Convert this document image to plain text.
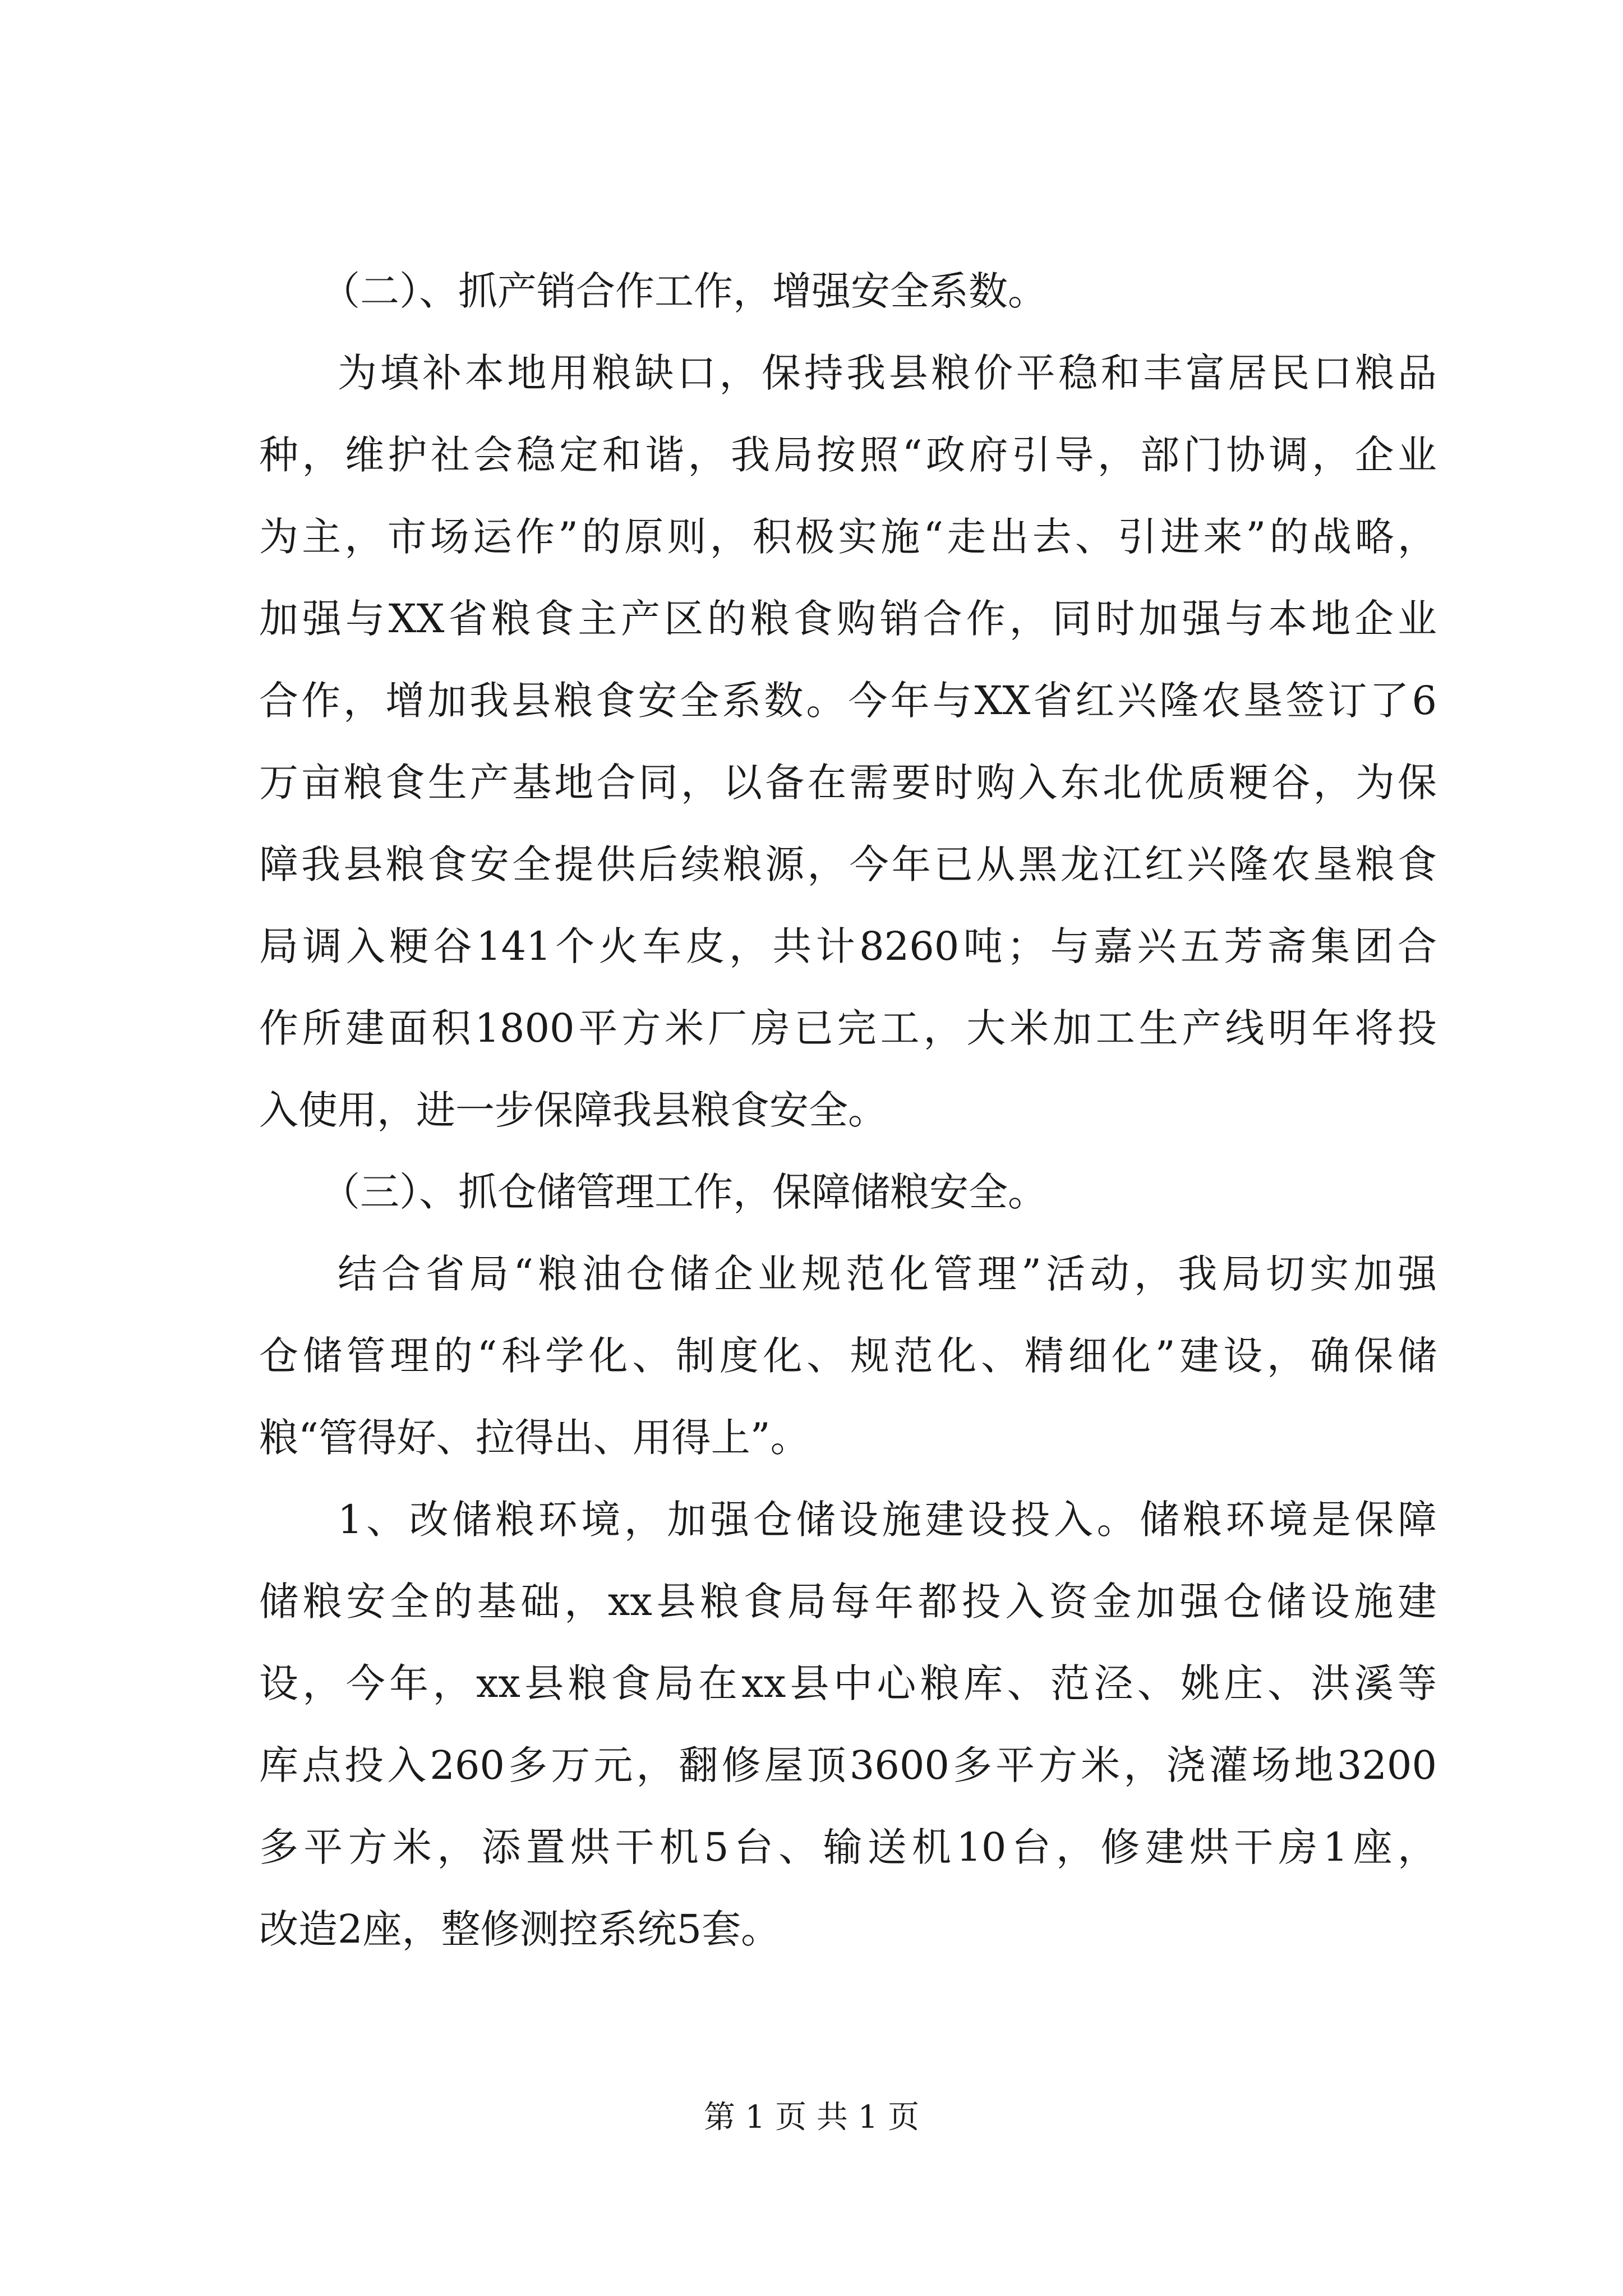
（二）、抓产销合作工作，增强安全系数。
为填补本地用粮缺口，保持我县粮价平稳和丰富居民口粮品
种，维护社会稳定和谐，我局按照“政府引导，部门协调，企业
为主，市场运作”的原则，积极实施“走出去、引进来”的战略，
加强与XX省粮食主产区的粮食购销合作，同时加强与本地企业
合作，增加我县粮食安全系数。今年与XX省红兴隆农垦签订了6
万亩粮食生产基地合同，以备在需要时购入东北优质粳谷，为保
障我县粮食安全提供后续粮源，今年已从黑龙江红兴隆农垦粮食
局调入粳谷141个火车皮，共计8260吨；与嘉兴五芳斋集团合
作所建面积1800平方米厂房已完工，大米加工生产线明年将投
入使用，进一步保障我县粮食安全。
（三）、抓仓储管理工作，保障储粮安全。
结合省局“粮油仓储企业规范化管理”活动，我局切实加强
仓储管理的“科学化、制度化、规范化、精细化”建设，确保储
粮“管得好、拉得出、用得上”。
1、改储粮环境，加强仓储设施建设投入。储粮环境是保障
储粮安全的基础，xx县粮食局每年都投入资金加强仓储设施建
设，今年，xx县粮食局在xx县中心粮库、范泾、姚庄、洪溪等
库点投入260多万元，翻修屋顶3600多平方米，浇灌场地3200
多平方米，添置烘干机5台、输送机10台，修建烘干房1座，
改造2座，整修测控系统5套。
第 1 页 共 1 页
